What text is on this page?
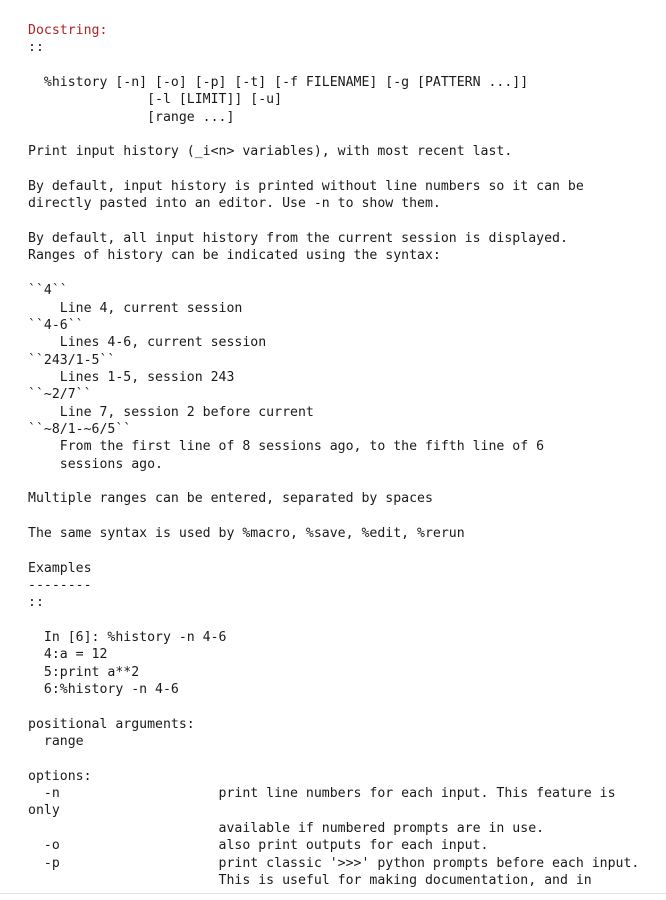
Docstring:
::
%history [-n] [-o] [-p] [-t] [-f FILENAME] [-g [PATTERN ...]]
[-l [LIMIT]] [-u]
[range ...]
Print input history (_i<n> variables), with most recent last.
By default, input history is printed without line numbers so it can be
directly pasted into an editor. Use -n to show them.
By default, all input history from the current session is displayed.
Ranges of history can be indicated using the syntax:
``4``
Line 4, current session
``4-6``
Lines 4-6, current session
``243/1-5``
Lines 1-5, session 243
``~2/7``
Line 7, session 2 before current
``~8/1-~6/5``
From the first line of 8 sessions ago, to the fifth line of 6
sessions ago.
Multiple ranges can be entered, separated by spaces
The same syntax is used by %macro, %save, %edit, %rerun
Examples
--------
::
In [6]: %history -n 4-6
4:a = 12
5:print a**2
6:%history -n 4-6
positional arguments:
range
options:
-n                    print line numbers for each input. This feature is
only
available if numbered prompts are in use.
-o                    also print outputs for each input.
-p                    print classic '>>>' python prompts before each input.
This is useful for making documentation, and in
